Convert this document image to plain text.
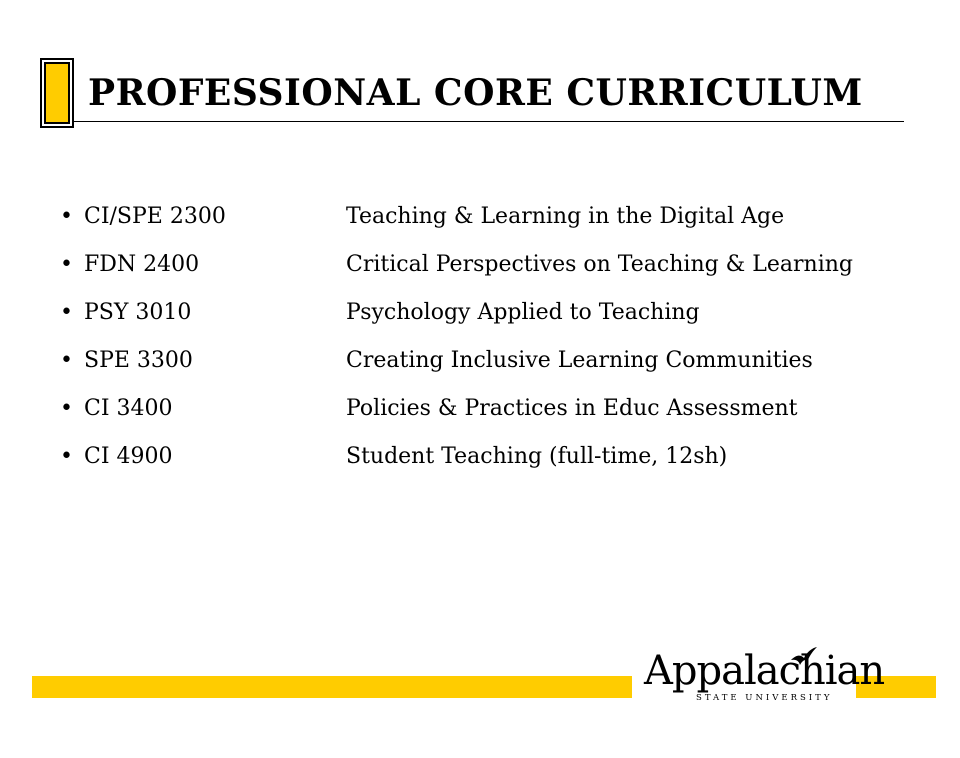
PROFESSIONAL CORE CURRICULUM
• CI/SPE 2300	Teaching & Learning in the Digital Age
• FDN 2400	Critical Perspectives on Teaching & Learning
• PSY 3010	Psychology Applied to Teaching
• SPE 3300	Creating Inclusive Learning Communities
• CI 3400	Policies & Practices in Educ Assessment
• CI 4900	Student Teaching (full-time, 12sh)
Appalachian
STATE UNIVERSITY
